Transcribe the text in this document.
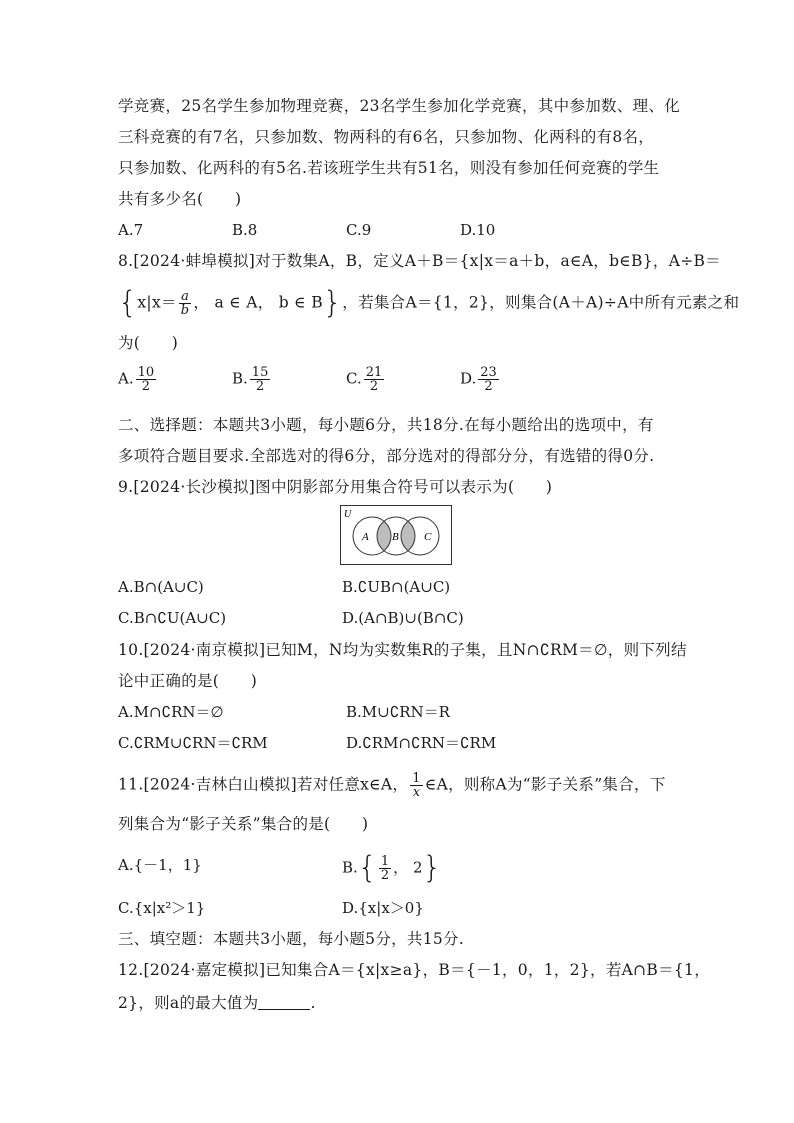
学竞赛，25名学生参加物理竞赛，23名学生参加化学竞赛，其中参加数、理、化
三科竞赛的有7名，只参加数、物两科的有6名，只参加物、化两科的有8名，
只参加数、化两科的有5名.若该班学生共有51名，则没有参加任何竞赛的学生
共有多少名(　　)
A.7	B.8	C.9	D.10
8.[2024·蚌埠模拟]对于数集A，B，定义A＋B＝{x|x＝a＋b，a∈A，b∈B}，A÷B＝
{$x|x= \frac{a}{b}$ ， a ∈ A， b ∈ B}，若集合A＝{1，2}，则集合(A＋A)÷A中所有元素之和
为(　　)
A. $\frac{10}{2}$	B. $\frac{15}{2}$	C. $\frac{21}{2}$	D. $\frac{23}{2}$
二、选择题：本题共3小题，每小题6分，共18分.在每小题给出的选项中，有
多项符合题目要求.全部选对的得6分，部分选对的得部分分，有选错的得0分.
9.[2024·长沙模拟]图中阴影部分用集合符号可以表示为(　　)
U
A B C
A.B∩(A∪C)	B.∁UB∩(A∪C)
C.B∩∁U(A∪C)	D.(A∩B)∪(B∩C)
10.[2024·南京模拟]已知M，N均为实数集R的子集，且N∩∁RM＝∅，则下列结
论中正确的是(　　)
A.M∩∁RN＝∅	B.M∪∁RN＝R
C.∁RM∪∁RN＝∁RM	D.∁RM∩∁RN＝∁RM
11.[2024·吉林白山模拟]若对任意x∈A， $\frac{1}{x}$ ∈A，则称A为“影子关系”集合，下
列集合为“影子关系”集合的是(　　)
A.{－1，1}	$B.\{ \frac{1}{2}$ ， 2}
C.{x|x²＞1}	D.{x|x＞0}
三、填空题：本题共3小题，每小题5分，共15分.
12.[2024·嘉定模拟]已知集合A＝{x|x≥a}，B＝{－1，0，1，2}，若A∩B＝{1，
2}，则a的最大值为	.
